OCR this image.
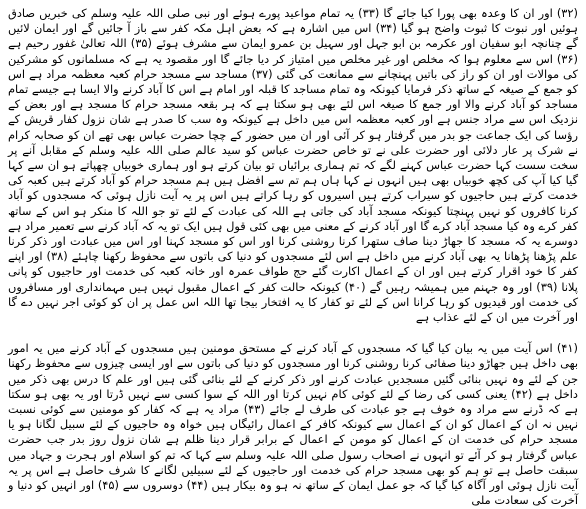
(۳۲) اور ان کا وعدہ بھی پورا کیا جائے گا (۳۳) یہ تمام مواعید پورے ہوئے اور نبی صلی اللہ علیہ وسلم کی خبریں صادق ہوئیں اور نبوت کا ثبوت واضح ہو گیا (۳۴) اس میں اشارہ ہے کہ بعض اہل مکہ کفر سے باز آ جائیں گے اور ایمان لائیں گے چنانچہ ابو سفیان اور عکرمہ بن ابو جہل اور سہیل بن عمرو ایمان سے مشرف ہوئے (۳۵) اللہ تعالیٰ غفور رحیم ہے (۳۶) اس سے معلوم ہوا کہ مخلص اور غیر مخلص میں امتیاز کر دیا جائے گا اور مقصود یہ ہے کہ مسلمانوں کو مشرکین کی موالات اور ان کو راز کی باتیں پہنچانے سے ممانعت کی گئی (۳۷) مساجد سے مسجد حرام کعبہ معظمہ مراد ہے اس کو جمع کے صیغہ کے ساتھ ذکر فرمایا کیونکہ وہ تمام مساجد کا قبلہ اور امام ہے اس کا آباد کرنے والا ایسا ہے جیسے تمام مساجد کو آباد کرنے والا اور جمع کا صیغہ اس لئے بھی ہو سکتا ہے کہ ہر بقعہ مسجد حرام کا مسجد ہے اور بعض کے نزدیک اس سے مراد جنس ہے اور کعبہ معظمہ اس میں داخل ہے کیونکہ وہ سب کا صدر ہے شان نزول کفار قریش کے رؤسا کی ایک جماعت جو بدر میں گرفتار ہو کر آئی اور ان میں حضور کے چچا حضرت عباس بھی تھے ان کو صحابہ کرام نے شرک پر عار دلائی اور حضرت علی نے تو خاص حضرت عباس کو سید عالم صلی اللہ علیہ وسلم کے مقابل آنے پر سخت سست کہا حضرت عباس کہنے لگے کہ تم ہماری برائیاں تو بیان کرتے ہو اور ہماری خوبیاں چھپاتے ہو ان سے کہا گیا کیا آپ کی کچھ خوبیاں بھی ہیں انہوں نے کہا ہاں ہم تم سے افضل ہیں ہم مسجد حرام کو آباد کرتے ہیں کعبہ کی خدمت کرتے ہیں حاجیوں کو سیراب کرتے ہیں اسیروں کو رہا کراتے ہیں اس پر یہ آیت نازل ہوئی کہ مسجدوں کو آباد کرنا کافروں کو نہیں پہنچتا کیونکہ مسجد آباد کی جاتی ہے اللہ کی عبادت کے لئے تو جو اللہ کا منکر ہو اس کے ساتھ کفر کرے وہ کیا مسجد آباد کرے گا اور آباد کرنے کے معنی میں بھی کئی قول ہیں ایک تو یہ کہ آباد کرنے سے تعمیر مراد ہے دوسرے یہ کہ مسجد کا جھاڑ دینا صاف ستھرا کرنا روشنی کرنا اور اس کو مسجد کہنا اور اس میں عبادت اور ذکر کرنا علم پڑھنا پڑھانا یہ بھی آباد کرنے میں داخل ہے اس لئے مسجدوں کو دنیا کی باتوں سے محفوظ رکھنا چاہئے (۳۸) اور اپنے کفر کا خود اقرار کرتے ہیں اور ان کے اعمال اکارت گئے حج طواف عمرہ اور خانہ کعبہ کی خدمت اور حاجیوں کو پانی پلانا (۳۹) اور وہ جہنم میں ہمیشہ رہیں گے (۴۰) کیونکہ حالت کفر کے اعمال مقبول نہیں ہیں مہمانداری اور مسافروں کی خدمت اور قیدیوں کو رہا کرانا اس کے لئے تو کفار کا یہ افتخار بیجا تھا اللہ اس عمل پر ان کو کوئی اجر نہیں دے گا اور آخرت میں ان کے لئے عذاب ہے

(۴۱) اس آیت میں یہ بیان کیا گیا کہ مسجدوں کے آباد کرنے کے مستحق مومنین ہیں مسجدوں کے آباد کرنے میں یہ امور بھی داخل ہیں جھاڑو دینا صفائی کرنا روشنی کرنا اور مسجدوں کو دنیا کی باتوں سے اور ایسی چیزوں سے محفوظ رکھنا جن کے لئے وہ نہیں بنائی گئیں مسجدیں عبادت کرنے اور ذکر کرنے کے لئے بنائی گئی ہیں اور علم کا درس بھی ذکر میں داخل ہے (۴۲) یعنی کسی کی رضا کے لئے کوئی کام نہیں کرتا اور اللہ کے سوا کسی سے نہیں ڈرتا اور یہ بھی ہو سکتا ہے کہ ڈرنے سے مراد وہ خوف ہے جو عبادت کی طرف لے جائے (۴۳) مراد یہ ہے کہ کفار کو مومنین سے کوئی نسبت نہیں نہ ان کے اعمال کو ان کے اعمال سے کیونکہ کافر کے اعمال رائیگاں ہیں خواہ وہ حاجیوں کے لئے سبیل لگانا ہو یا مسجد حرام کی خدمت ان کے اعمال کو مومن کے اعمال کے برابر قرار دینا ظلم ہے شان نزول روز بدر جب حضرت عباس گرفتار ہو کر آئے تو انہوں نے اصحاب رسول صلی اللہ علیہ وسلم سے کہا کہ تم کو اسلام اور ہجرت و جہاد میں سبقت حاصل ہے تو ہم کو بھی مسجد حرام کی خدمت اور حاجیوں کے لئے سبیلیں لگانے کا شرف حاصل ہے اس پر یہ آیت نازل ہوئی اور آگاہ کیا گیا کہ جو عمل ایمان کے ساتھ نہ ہو وہ بیکار ہیں (۴۴) دوسروں سے (۴۵) اور انہیں کو دنیا و آخرت کی سعادت ملی
